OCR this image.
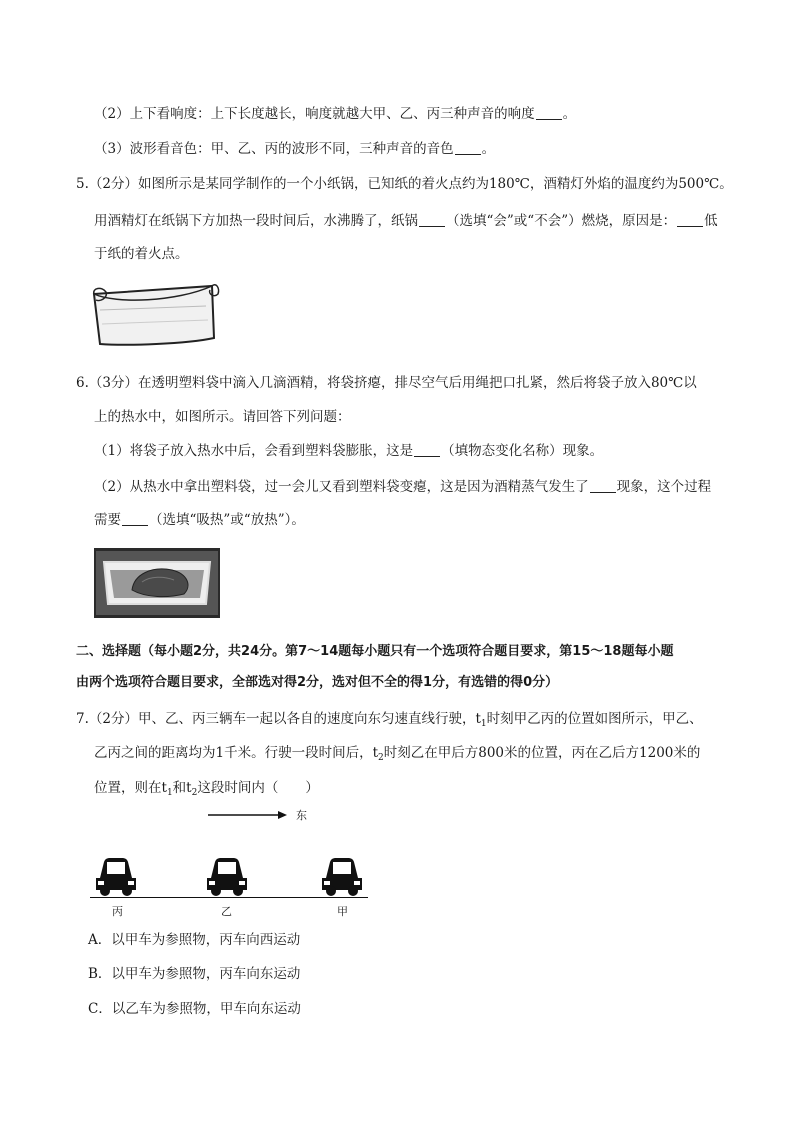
（2）上下看响度：上下长度越长，响度就越大甲、乙、丙三种声音的响度 。
（3）波形看音色：甲、乙、丙的波形不同，三种声音的音色 。
5.（2分）如图所示是某同学制作的一个小纸锅，已知纸的着火点约为180℃，酒精灯外焰的温度约为500℃。
用酒精灯在纸锅下方加热一段时间后，水沸腾了，纸锅 （选填“会”或“不会”）燃烧，原因是： 低
于纸的着火点。
6.（3分）在透明塑料袋中滴入几滴酒精，将袋挤瘪，排尽空气后用绳把口扎紧，然后将袋子放入80℃以
上的热水中，如图所示。请回答下列问题：
（1）将袋子放入热水中后，会看到塑料袋膨胀，这是 （填物态变化名称）现象。
（2）从热水中拿出塑料袋，过一会儿又看到塑料袋变瘪，这是因为酒精蒸气发生了 现象，这个过程
需要 （选填“吸热”或“放热”）。
二、选择题（每小题2分，共24分。第7～14题每小题只有一个选项符合题目要求，第15～18题每小题
由两个选项符合题目要求，全部选对得2分，选对但不全的得1分，有选错的得0分）
7.（2分）甲、乙、丙三辆车一起以各自的速度向东匀速直线行驶，$t_1$时刻甲乙丙的位置如图所示，甲乙、
乙丙之间的距离均为1千米。行驶一段时间后，$t_2$时刻乙在甲后方800米的位置，丙在乙后方1200米的
位置，则在$t_1$和$t_2$这段时间内（　　）
东
丙	乙	甲
A．以甲车为参照物，丙车向西运动
B．以甲车为参照物，丙车向东运动
C．以乙车为参照物，甲车向东运动
